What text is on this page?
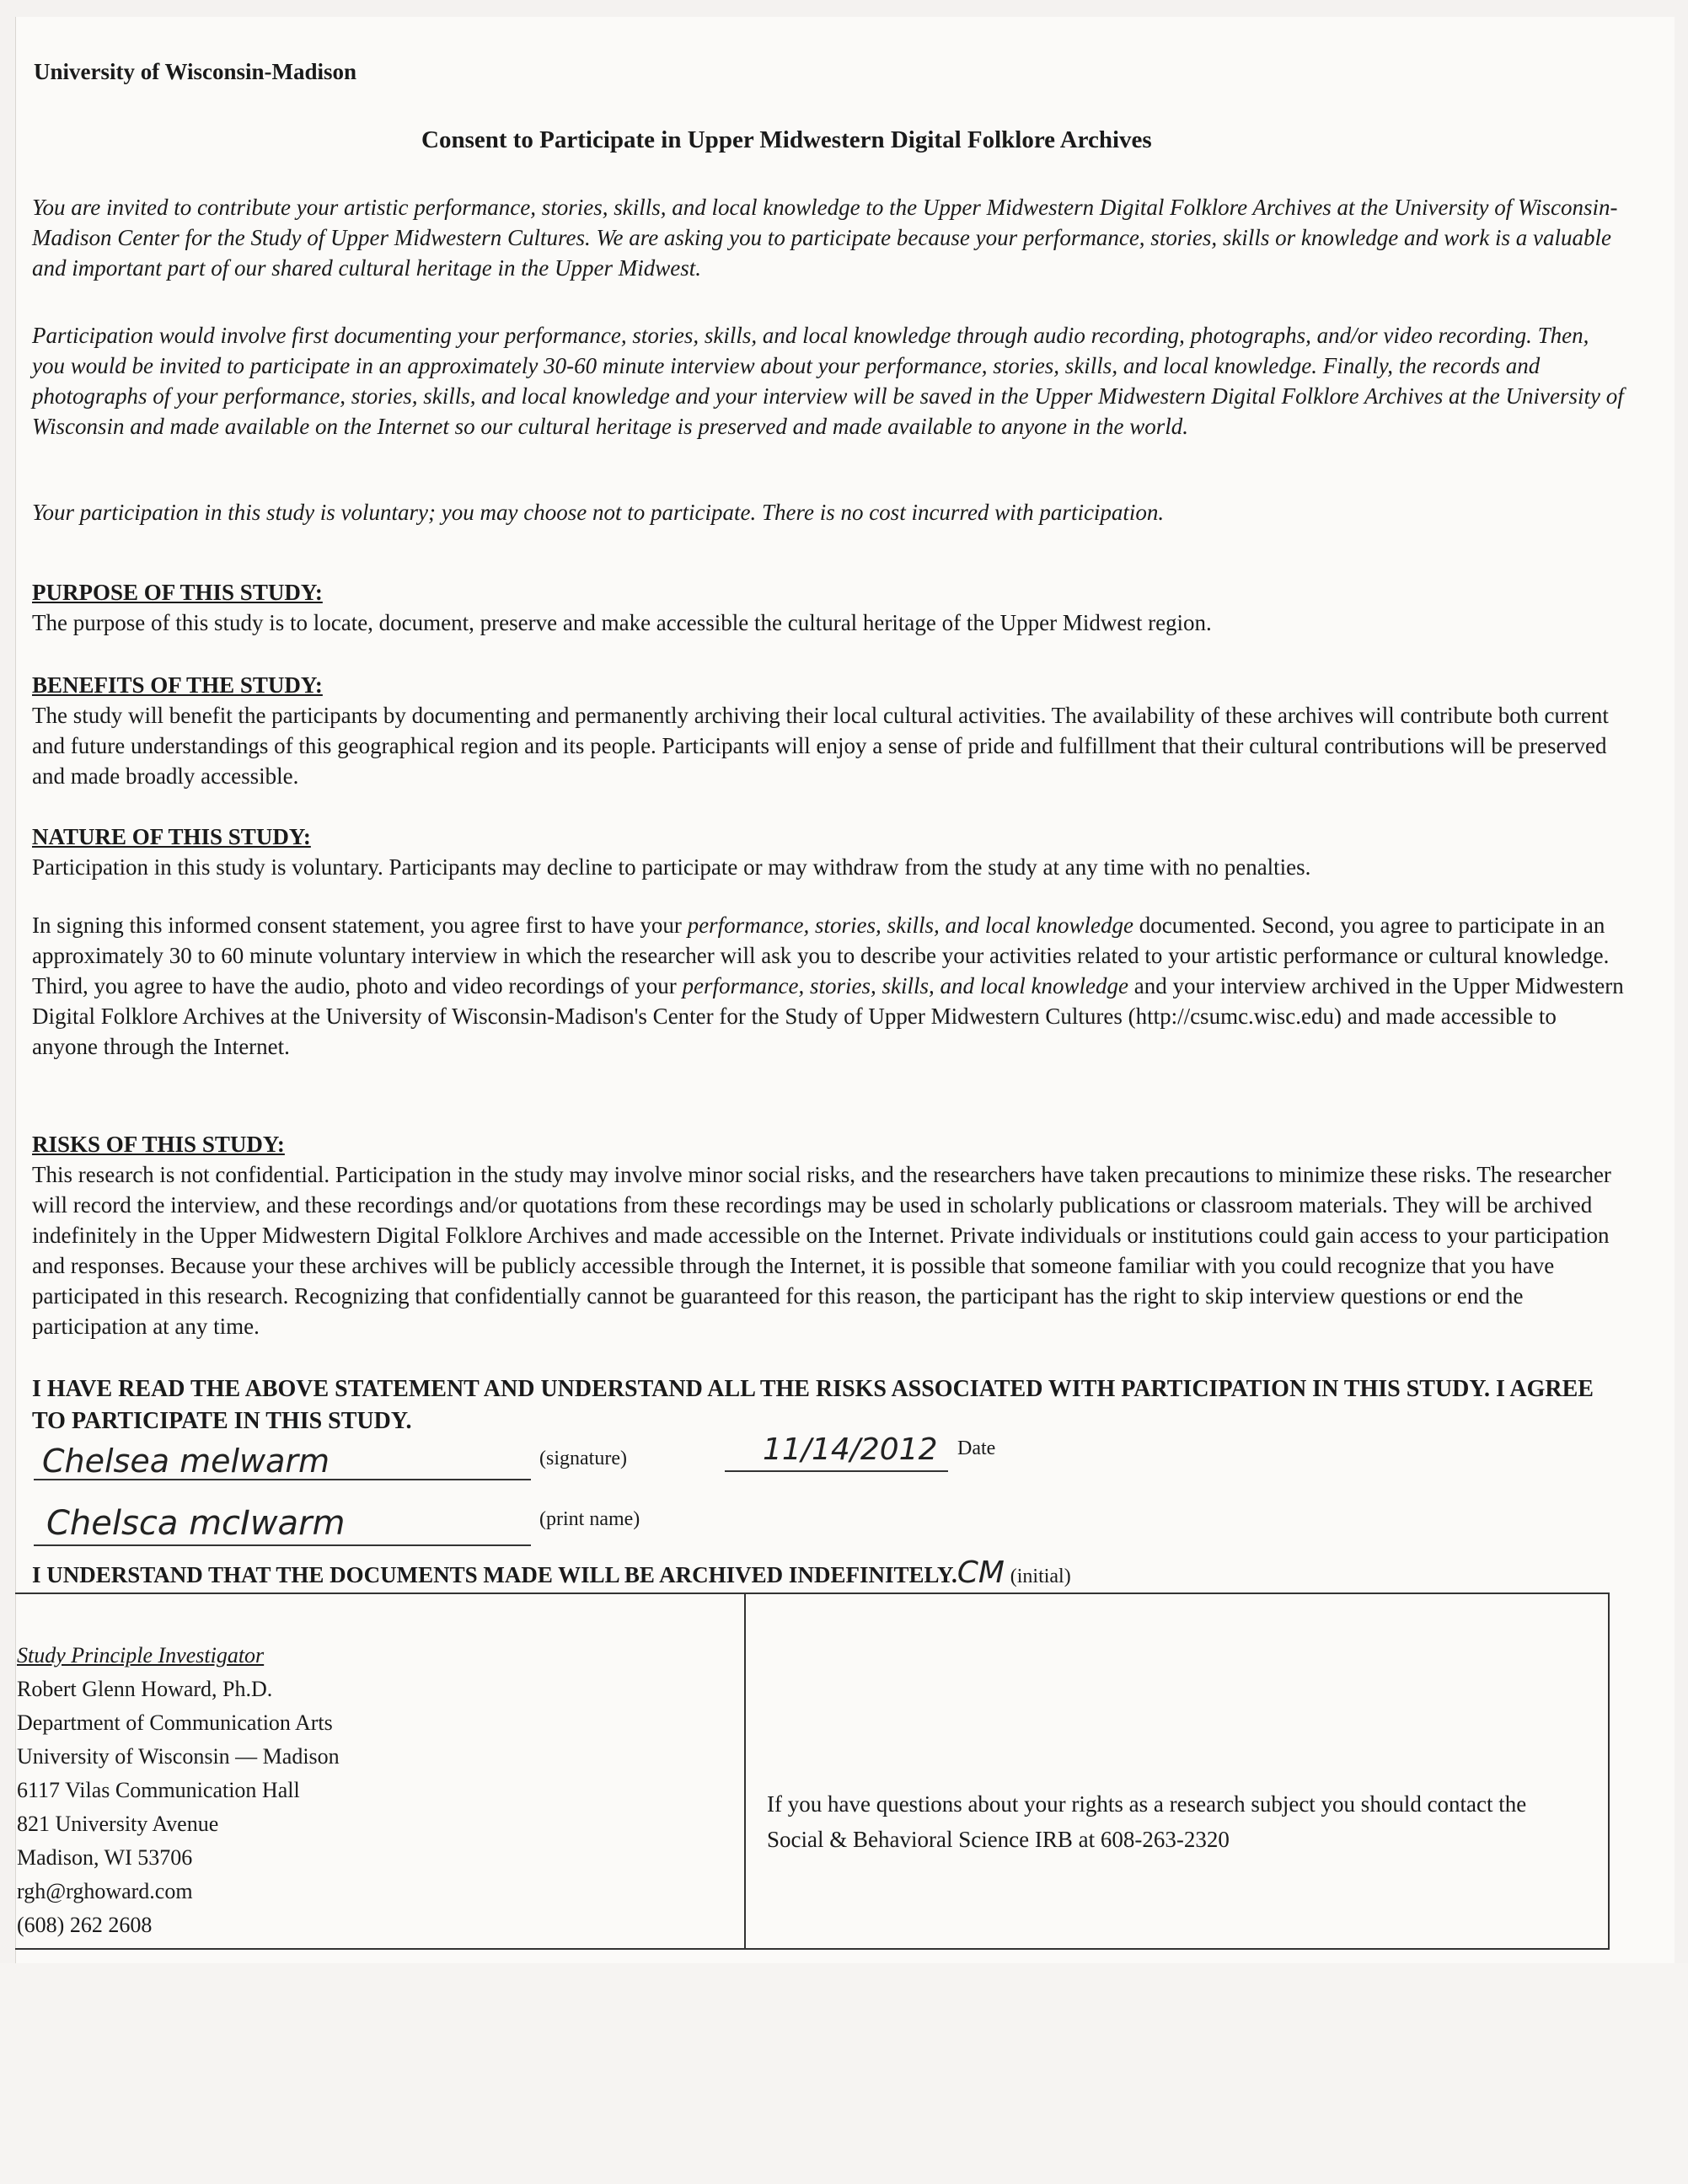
University of Wisconsin-Madison
Consent to Participate in Upper Midwestern Digital Folklore Archives

You are invited to contribute your artistic performance, stories, skills, and local knowledge to the Upper Midwestern Digital Folklore Archives at the University of Wisconsin-Madison Center for the Study of Upper Midwestern Cultures. We are asking you to participate because your performance, stories, skills or knowledge and work is a valuable and important part of our shared cultural heritage in the Upper Midwest.

Participation would involve first documenting your performance, stories, skills, and local knowledge through audio recording, photographs, and/or video recording. Then, you would be invited to participate in an approximately 30-60 minute interview about your performance, stories, skills, and local knowledge. Finally, the records and photographs of your performance, stories, skills, and local knowledge and your interview will be saved in the Upper Midwestern Digital Folklore Archives at the University of Wisconsin and made available on the Internet so our cultural heritage is preserved and made available to anyone in the world.

Your participation in this study is voluntary; you may choose not to participate. There is no cost incurred with participation.

PURPOSE OF THIS STUDY:
The purpose of this study is to locate, document, preserve and make accessible the cultural heritage of the Upper Midwest region.
BENEFITS OF THE STUDY:
The study will benefit the participants by documenting and permanently archiving their local cultural activities. The availability of these archives will contribute both current and future understandings of this geographical region and its people. Participants will enjoy a sense of pride and fulfillment that their cultural contributions will be preserved and made broadly accessible.
NATURE OF THIS STUDY:
Participation in this study is voluntary. Participants may decline to participate or may withdraw from the study at any time with no penalties.

In signing this informed consent statement, you agree first to have your performance, stories, skills, and local knowledge documented. Second, you agree to participate in an approximately 30 to 60 minute voluntary interview in which the researcher will ask you to describe your activities related to your artistic performance or cultural knowledge. Third, you agree to have the audio, photo and video recordings of your performance, stories, skills, and local knowledge and your interview archived in the Upper Midwestern Digital Folklore Archives at the University of Wisconsin-Madison's Center for the Study of Upper Midwestern Cultures (http://csumc.wisc.edu) and made accessible to anyone through the Internet.

RISKS OF THIS STUDY:
This research is not confidential. Participation in the study may involve minor social risks, and the researchers have taken precautions to minimize these risks. The researcher will record the interview, and these recordings and/or quotations from these recordings may be used in scholarly publications or classroom materials. They will be archived indefinitely in the Upper Midwestern Digital Folklore Archives and made accessible on the Internet. Private individuals or institutions could gain access to your participation and responses. Because your these archives will be publicly accessible through the Internet, it is possible that someone familiar with you could recognize that you have participated in this research. Recognizing that confidentially cannot be guaranteed for this reason, the participant has the right to skip interview questions or end the participation at any time.
I HAVE READ THE ABOVE STATEMENT AND UNDERSTAND ALL THE RISKS ASSOCIATED WITH PARTICIPATION IN THIS STUDY. I AGREE TO PARTICIPATE IN THIS STUDY.
Chelsea melwarm	(signature)	11/14/2012 Date
Chelsca mcIwarm	(print name)
I UNDERSTAND THAT THE DOCUMENTS MADE WILL BE ARCHIVED INDEFINITELY.CM (initial)
Study Principle Investigator
Robert Glenn Howard, Ph.D.
Department of Communication Arts
University of Wisconsin — Madison
6117 Vilas Communication Hall
821 University Avenue
Madison, WI 53706
rgh@rghoward.com
(608) 262 2608
If you have questions about your rights as a research subject you should contact the Social & Behavioral Science IRB at 608-263-2320
